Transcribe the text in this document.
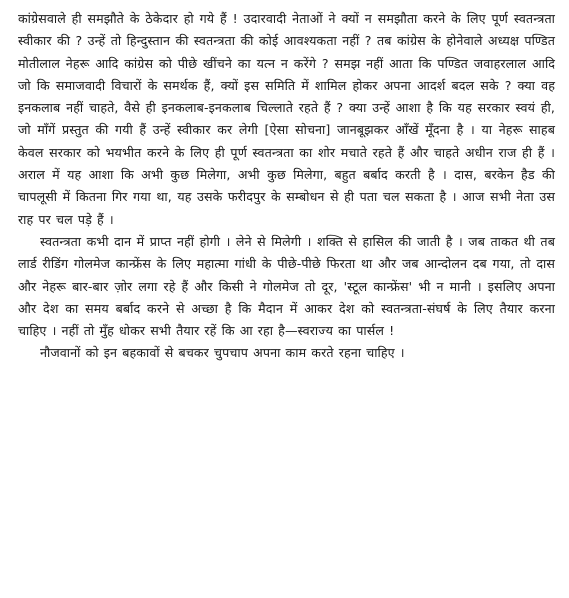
कांग्रेसवाले ही समझौते के ठेकेदार हो गये हैं ! उदारवादी नेताओं ने क्यों न समझौता करने के लिए पूर्ण स्वतन्त्रता स्वीकार की ? उन्हें तो हिन्दुस्तान की स्वतन्त्रता की कोई आवश्यकता नहीं ? तब कांग्रेस के होनेवाले अध्यक्ष पण्डित मोतीलाल नेहरू आदि कांग्रेस को पीछे खींचने का यत्न न करेंगे ? समझ नहीं आता कि पण्डित जवाहरलाल आदि जो कि समाजवादी विचारों के समर्थक हैं, क्यों इस समिति में शामिल होकर अपना आदर्श बदल सके ? क्या वह इनकलाब नहीं चाहते, वैसे ही इनकलाब-इनकलाब चिल्लाते रहते हैं ? क्या उन्हें आशा है कि यह सरकार स्वयं ही, जो माँगें प्रस्तुत की गयी हैं उन्हें स्वीकार कर लेगी [ऐसा सोचना] जानबूझकर आँखें मूँदना है । या नेहरू साहब केवल सरकार को भयभीत करने के लिए ही पूर्ण स्वतन्त्रता का शोर मचाते रहते हैं और चाहते अधीन राज ही हैं । अराल में यह आशा कि अभी कुछ मिलेगा, अभी कुछ मिलेगा, बहुत बर्बाद करती है । दास, बरकेन हैड की चापलूसी में कितना गिर गया था, यह उसके फरीदपुर के सम्बोधन से ही पता चल सकता है । आज सभी नेता उस राह पर चल पड़े हैं ।

स्वतन्त्रता कभी दान में प्राप्त नहीं होगी । लेने से मिलेगी । शक्ति से हासिल की जाती है । जब ताकत थी तब लार्ड रीडिंग गोलमेज कान्फ्रेंस के लिए महात्मा गांधी के पीछे-पीछे फिरता था और जब आन्दोलन दब गया, तो दास और नेहरू बार-बार ज़ोर लगा रहे हैं और किसी ने गोलमेज तो दूर, 'स्टूल कान्फ्रेंस' भी न मानी । इसलिए अपना और देश का समय बर्बाद करने से अच्छा है कि मैदान में आकर देश को स्वतन्त्रता-संघर्ष के लिए तैयार करना चाहिए । नहीं तो मुँह धोकर सभी तैयार रहें कि आ रहा है—स्वराज्य का पार्सल !

नौजवानों को इन बहकावों से बचकर चुपचाप अपना काम करते रहना चाहिए ।
